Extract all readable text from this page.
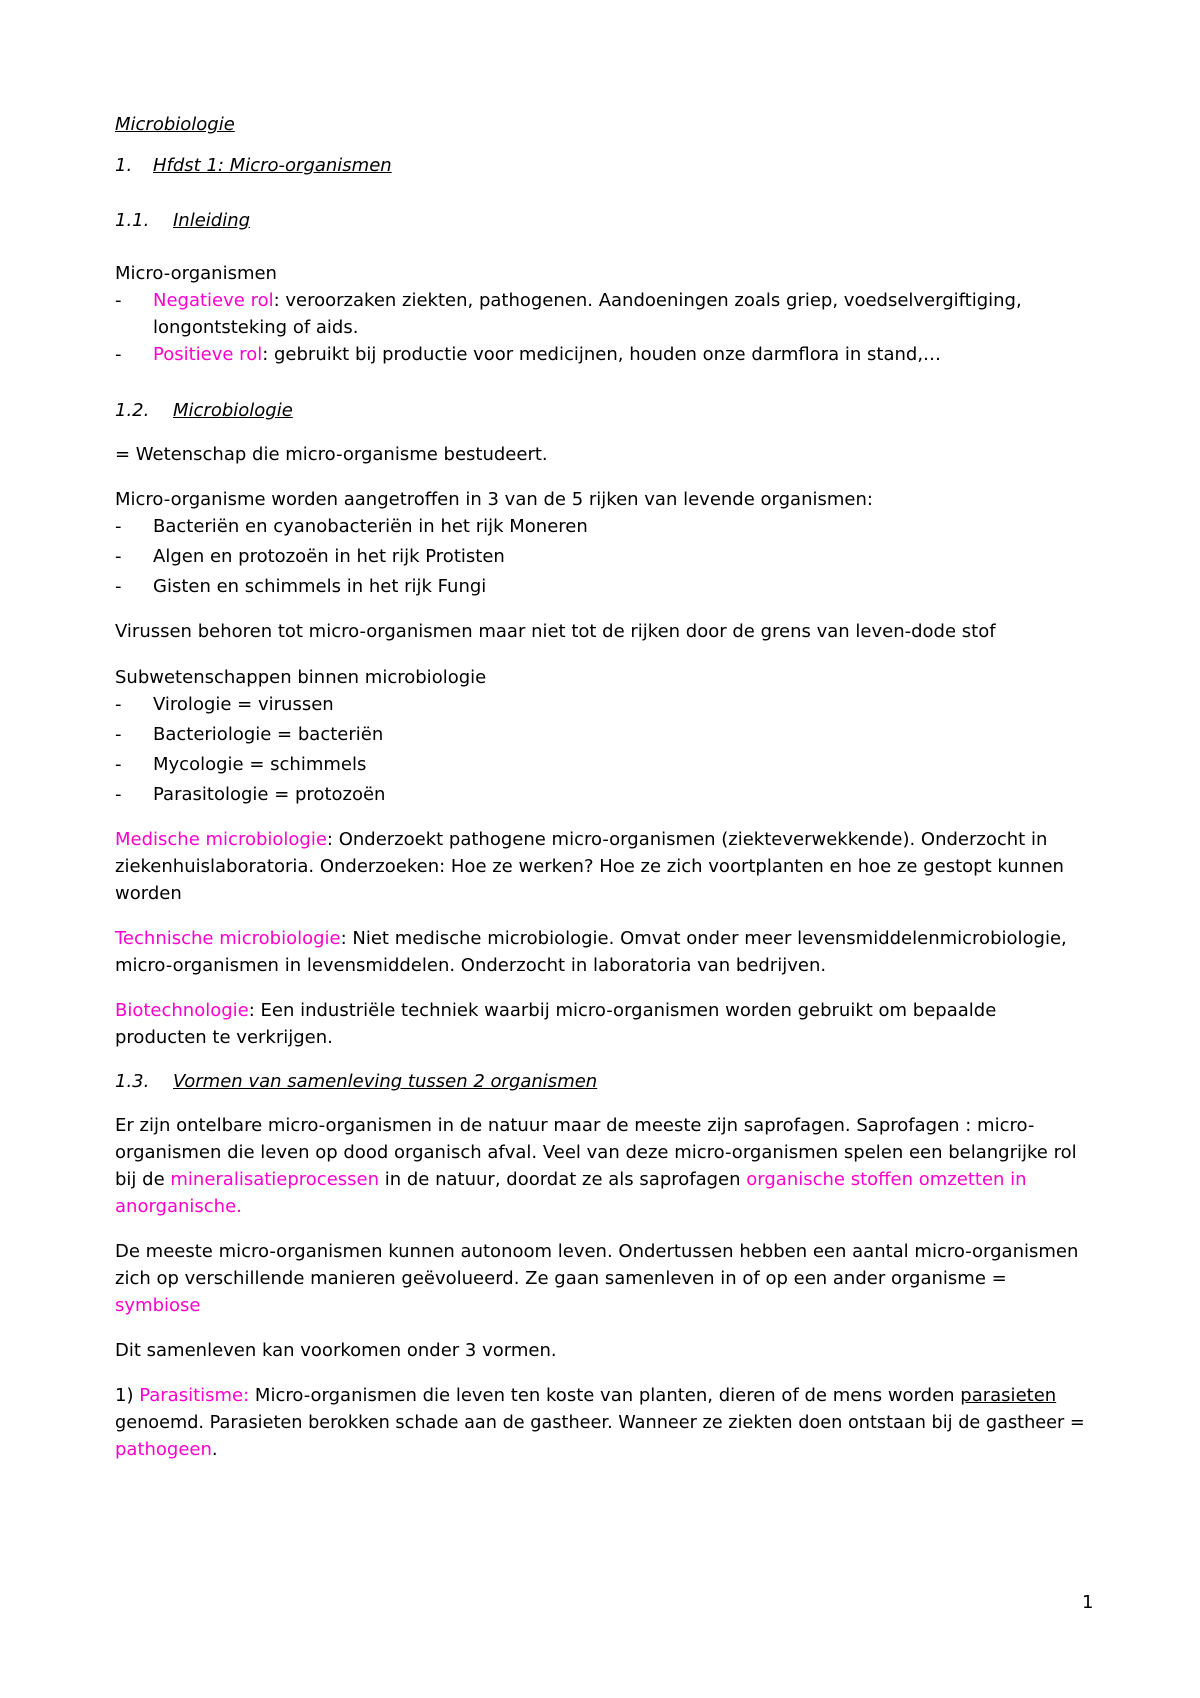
Microbiologie
1. Hfdst 1: Micro-organismen
1.1. Inleiding
Micro-organismen
- Negatieve rol: veroorzaken ziekten, pathogenen. Aandoeningen zoals griep, voedselvergiftiging,
longontsteking of aids.
- Positieve rol: gebruikt bij productie voor medicijnen, houden onze darmflora in stand,…
1.2. Microbiologie
= Wetenschap die micro-organisme bestudeert.
Micro-organisme worden aangetroffen in 3 van de 5 rijken van levende organismen:
- Bacteriën en cyanobacteriën in het rijk Moneren
- Algen en protozoën in het rijk Protisten
- Gisten en schimmels in het rijk Fungi
Virussen behoren tot micro-organismen maar niet tot de rijken door de grens van leven-dode stof
Subwetenschappen binnen microbiologie
- Virologie = virussen
- Bacteriologie = bacteriën
- Mycologie = schimmels
- Parasitologie = protozoën
Medische microbiologie: Onderzoekt pathogene micro-organismen (ziekteverwekkende). Onderzocht in
ziekenhuislaboratoria. Onderzoeken: Hoe ze werken? Hoe ze zich voortplanten en hoe ze gestopt kunnen
worden
Technische microbiologie: Niet medische microbiologie. Omvat onder meer levensmiddelenmicrobiologie,
micro-organismen in levensmiddelen. Onderzocht in laboratoria van bedrijven.
Biotechnologie: Een industriële techniek waarbij micro-organismen worden gebruikt om bepaalde
producten te verkrijgen.
1.3. Vormen van samenleving tussen 2 organismen
Er zijn ontelbare micro-organismen in de natuur maar de meeste zijn saprofagen. Saprofagen : micro-
organismen die leven op dood organisch afval. Veel van deze micro-organismen spelen een belangrijke rol
bij de mineralisatieprocessen in de natuur, doordat ze als saprofagen organische stoffen omzetten in
anorganische.
De meeste micro-organismen kunnen autonoom leven. Ondertussen hebben een aantal micro-organismen
zich op verschillende manieren geëvolueerd. Ze gaan samenleven in of op een ander organisme =
symbiose
Dit samenleven kan voorkomen onder 3 vormen.
1) Parasitisme: Micro-organismen die leven ten koste van planten, dieren of de mens worden parasieten
genoemd. Parasieten berokken schade aan de gastheer. Wanneer ze ziekten doen ontstaan bij de gastheer =
pathogeen.
1
